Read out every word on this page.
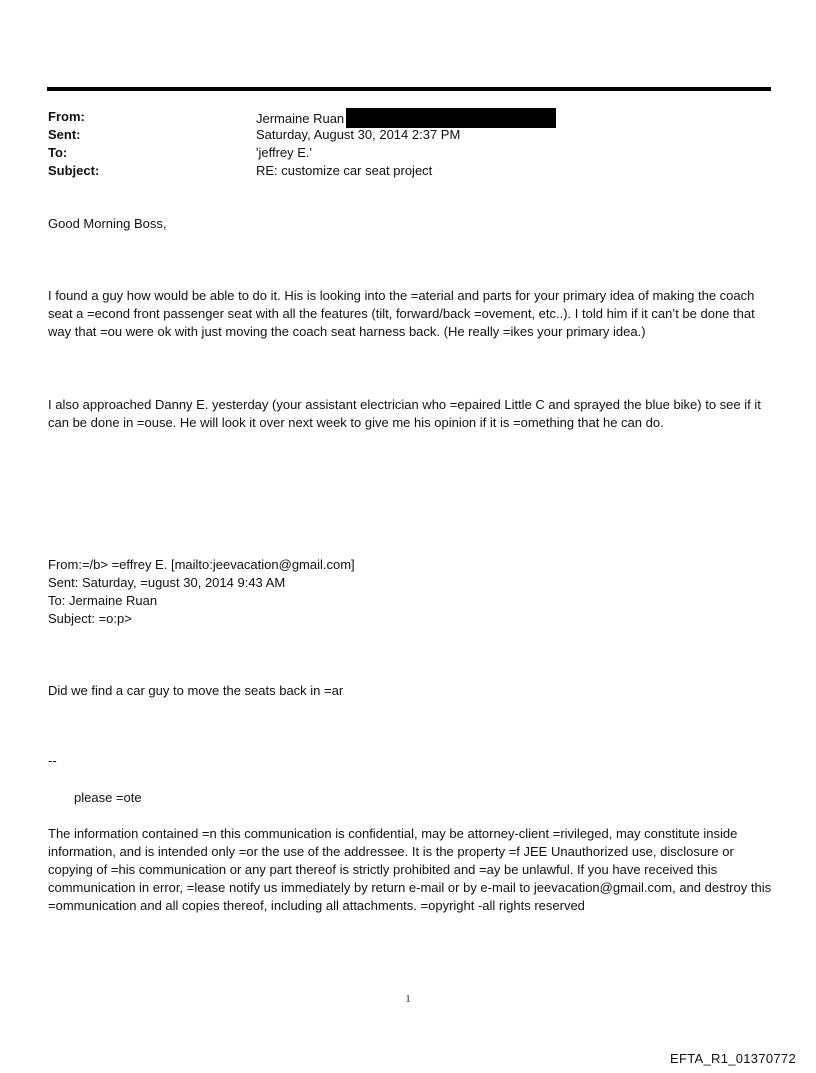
From:	Jermaine Ruan
Sent:	Saturday, August 30, 2014 2:37 PM
To:	'jeffrey E.'
Subject:	RE: customize car seat project

Good Morning Boss,

I found a guy how would be able to do it. His is looking into the =aterial and parts for your primary idea of making the coach seat a =econd front passenger seat with all the features (tilt, forward/back =ovement, etc..). I told him if it can’t be done that way that =ou were ok with just moving the coach seat harness back. (He really =ikes your primary idea.)

I also approached Danny E. yesterday (your assistant electrician who =epaired Little C and sprayed the blue bike) to see if it can be done in =ouse. He will look it over next week to give me his opinion if it is =omething that he can do.

From:=/b> =effrey E. [mailto:jeevacation@gmail.com]

Sent: Saturday, =ugust 30, 2014 9:43 AM

To: Jermaine Ruan

Subject: =o:p>

Did we find a car guy to move the seats back in =ar

--

please =ote

The information contained =n this communication is confidential, may be attorney-client =rivileged, may constitute inside information, and is intended only =or the use of the addressee. It is the property =f JEE Unauthorized use, disclosure or copying of =his communication or any part thereof is strictly prohibited and =ay be unlawful. If you have received this communication in error, =lease notify us immediately by return e-mail or by e-mail to jeevacation@gmail.com, and destroy this =ommunication and all copies thereof, including all attachments. =opyright -all rights reserved

1
EFTA_R1_01370772
